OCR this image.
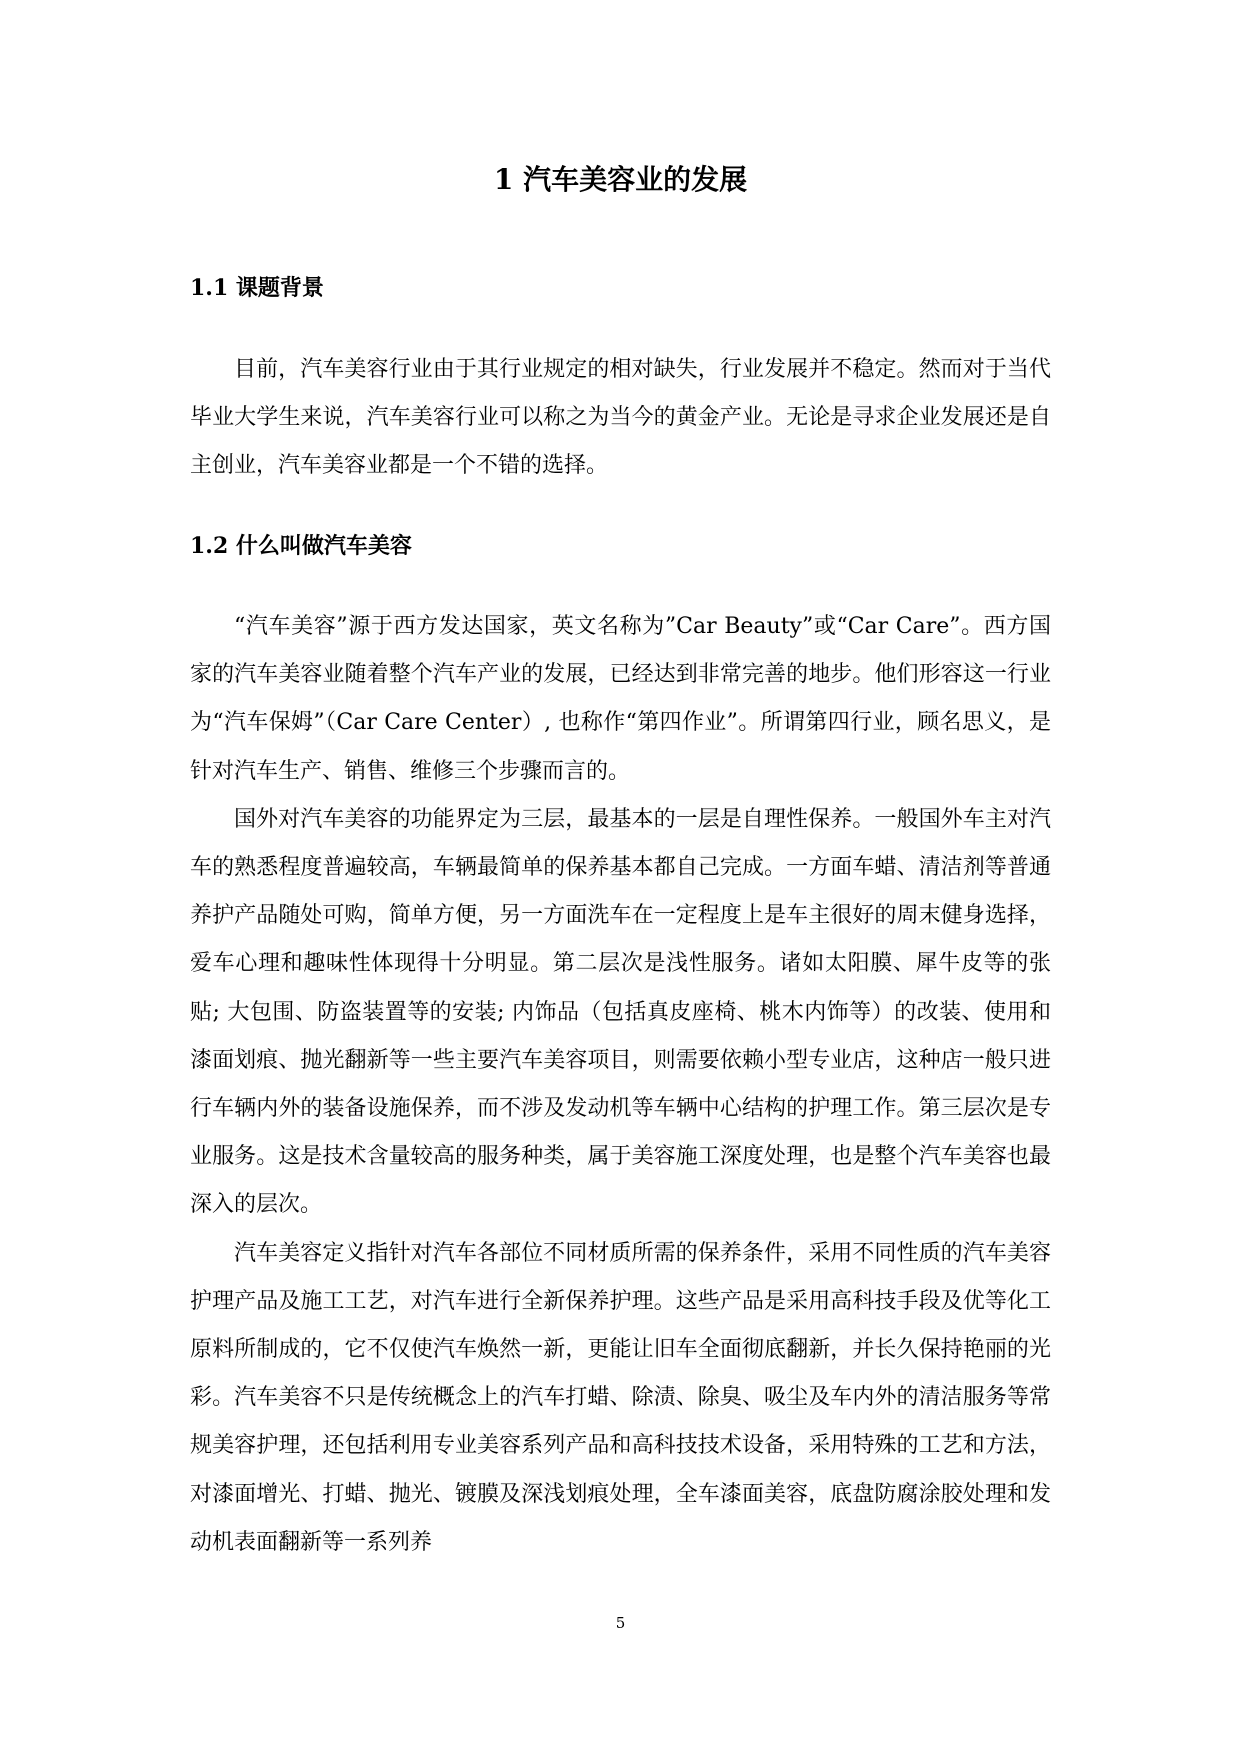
1 汽车美容业的发展
1.1 课题背景

目前，汽车美容行业由于其行业规定的相对缺失，行业发展并不稳定。然而对于当代毕业大学生来说，汽车美容行业可以称之为当今的黄金产业。无论是寻求企业发展还是自主创业，汽车美容业都是一个不错的选择。

1.2 什么叫做汽车美容

“汽车美容”源于西方发达国家，英文名称为”Car Beauty”或“Car Care”。西方国家的汽车美容业随着整个汽车产业的发展，已经达到非常完善的地步。他们形容这一行业为“汽车保姆”（Car Care Center）, 也称作“第四作业”。所谓第四行业，顾名思义，是针对汽车生产、销售、维修三个步骤而言的。

国外对汽车美容的功能界定为三层，最基本的一层是自理性保养。一般国外车主对汽车的熟悉程度普遍较高，车辆最简单的保养基本都自己完成。一方面车蜡、清洁剂等普通养护产品随处可购，简单方便，另一方面洗车在一定程度上是车主很好的周末健身选择，爱车心理和趣味性体现得十分明显。第二层次是浅性服务。诸如太阳膜、犀牛皮等的张贴; 大包围、防盗装置等的安装; 内饰品（包括真皮座椅、桃木内饰等）的改装、使用和漆面划痕、抛光翻新等一些主要汽车美容项目，则需要依赖小型专业店，这种店一般只进行车辆内外的装备设施保养，而不涉及发动机等车辆中心结构的护理工作。第三层次是专业服务。这是技术含量较高的服务种类，属于美容施工深度处理，也是整个汽车美容也最深入的层次。

汽车美容定义指针对汽车各部位不同材质所需的保养条件，采用不同性质的汽车美容护理产品及施工工艺，对汽车进行全新保养护理。这些产品是采用高科技手段及优等化工原料所制成的，它不仅使汽车焕然一新，更能让旧车全面彻底翻新，并长久保持艳丽的光彩。汽车美容不只是传统概念上的汽车打蜡、除渍、除臭、吸尘及车内外的清洁服务等常规美容护理，还包括利用专业美容系列产品和高科技技术设备，采用特殊的工艺和方法，对漆面增光、打蜡、抛光、镀膜及深浅划痕处理，全车漆面美容，底盘防腐涂胶处理和发动机表面翻新等一系列养

5
